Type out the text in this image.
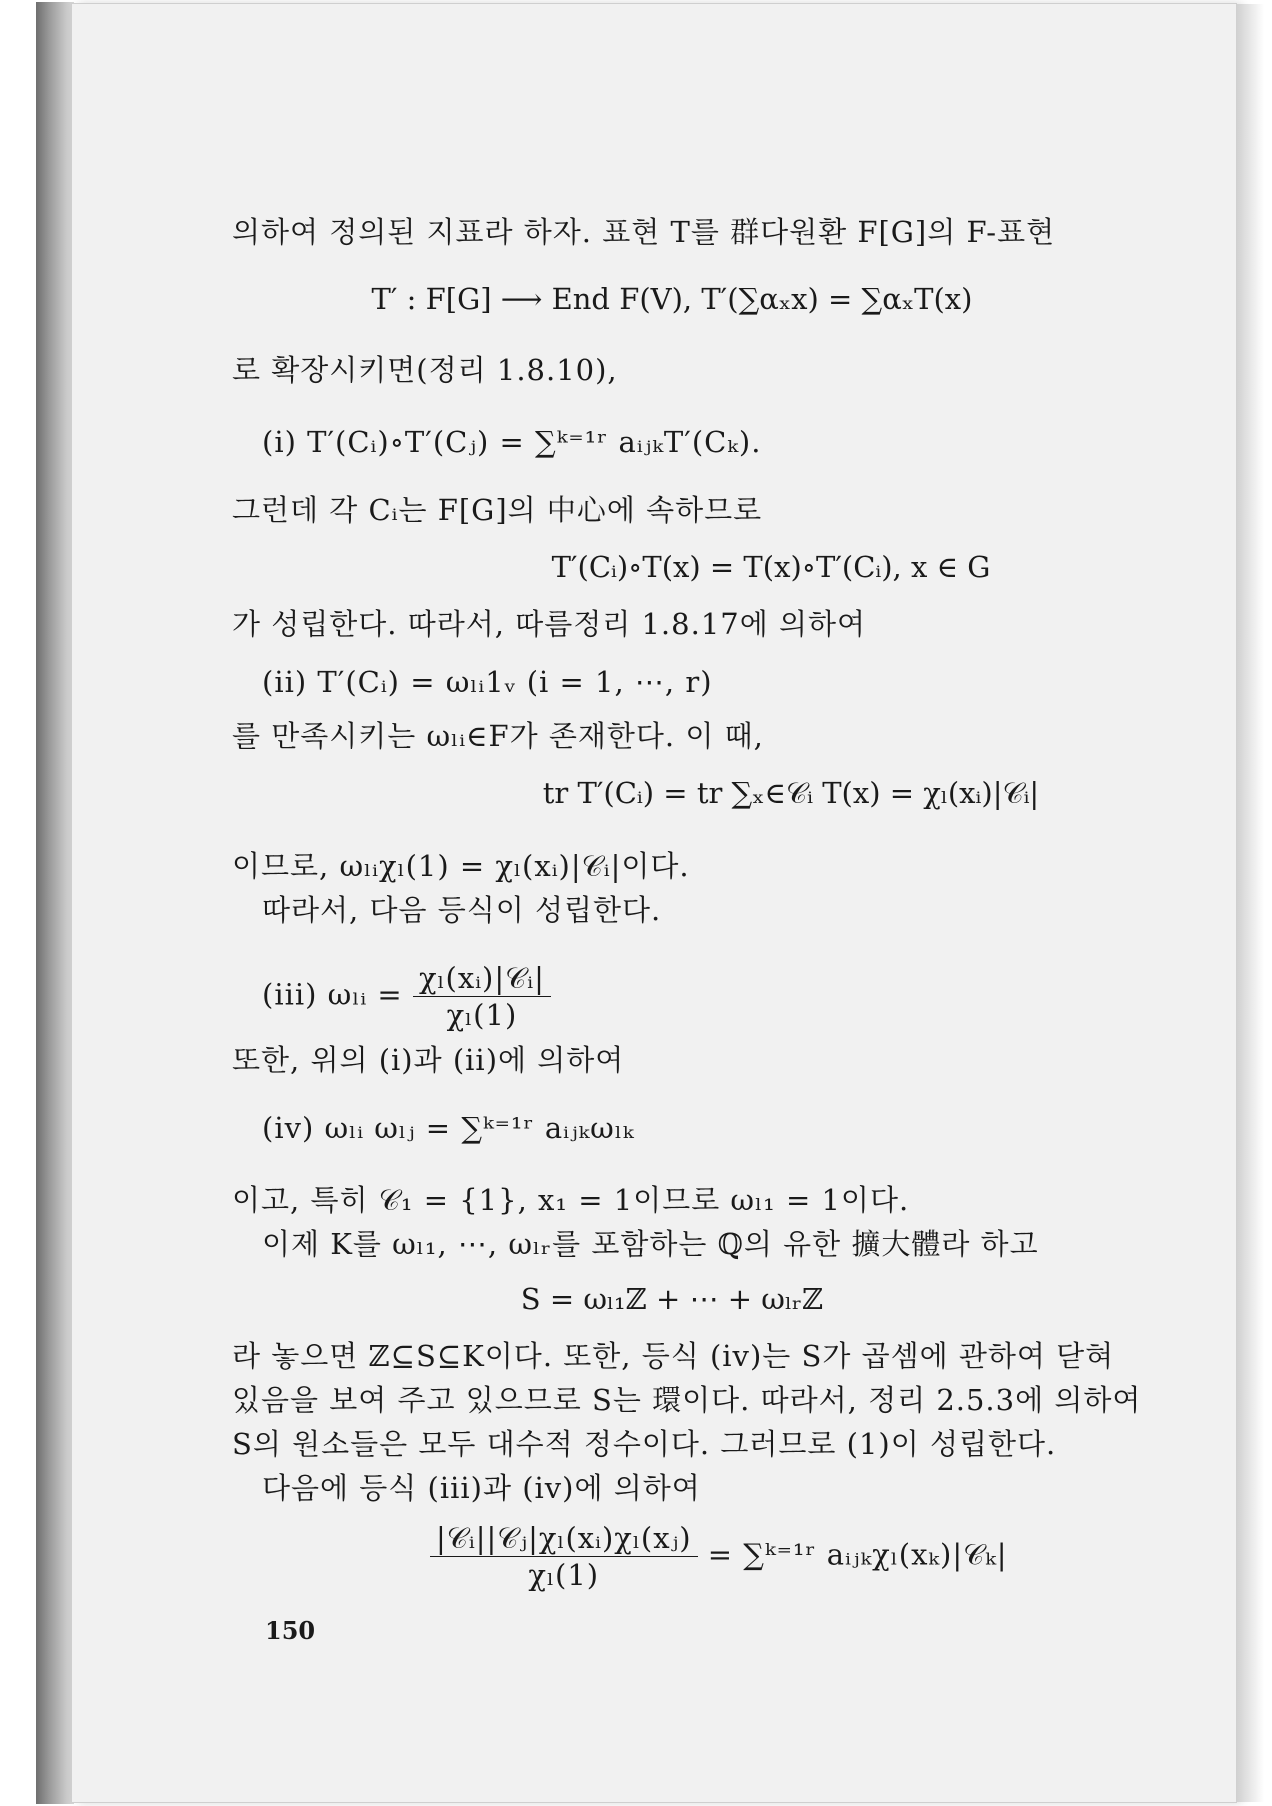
의하여 정의된 지표라 하자. 표현 T를 群다원환 F[G]의 F-표현
T′ : F[G] ⟶ End F(V), T′(∑αₓx) = ∑αₓT(x)
로 확장시키면(정리 1.8.10),
(i) T′(Cᵢ)∘T′(Cⱼ) = ∑ᵏ⁼¹ʳ aᵢⱼₖT′(Cₖ).
그런데 각 Cᵢ는 F[G]의 中心에 속하므로
T′(Cᵢ)∘T(x) = T(x)∘T′(Cᵢ), x ∈ G
가 성립한다. 따라서, 따름정리 1.8.17에 의하여
(ii) T′(Cᵢ) = ωₗᵢ1ᵥ (i = 1, ⋯, r)
를 만족시키는 ωₗᵢ∈F가 존재한다. 이 때,
tr T′(Cᵢ) = tr ∑ₓ∈𝒞ᵢ T(x) = χₗ(xᵢ)|𝒞ᵢ|
이므로, ωₗᵢχₗ(1) = χₗ(xᵢ)|𝒞ᵢ|이다.
따라서, 다음 등식이 성립한다.
(iii) ωₗᵢ = $\frac{\text{χₗ(xᵢ)|𝒞ᵢ|}}{\text{χₗ(1)}}$
또한, 위의 (i)과 (ii)에 의하여
(iv) ωₗᵢ ωₗⱼ = ∑ᵏ⁼¹ʳ aᵢⱼₖωₗₖ
이고, 특히 𝒞₁ = {1}, x₁ = 1이므로 ωₗ₁ = 1이다.
이제 K를 ωₗ₁, ⋯, ωₗᵣ를 포함하는 ℚ의 유한 擴大體라 하고
S = ωₗ₁ℤ + ⋯ + ωₗᵣℤ
라 놓으면 ℤ⊆S⊆K이다. 또한, 등식 (iv)는 S가 곱셈에 관하여 닫혀
있음을 보여 주고 있으므로 S는 環이다. 따라서, 정리 2.5.3에 의하여
S의 원소들은 모두 대수적 정수이다. 그러므로 (1)이 성립한다.
다음에 등식 (iii)과 (iv)에 의하여
$\frac{\text{|𝒞ᵢ||𝒞ⱼ|χₗ(xᵢ)χₗ(xⱼ)}}{\text{χₗ(1)}}$ = ∑ᵏ⁼¹ʳ aᵢⱼₖχₗ(xₖ)|𝒞ₖ|
150
